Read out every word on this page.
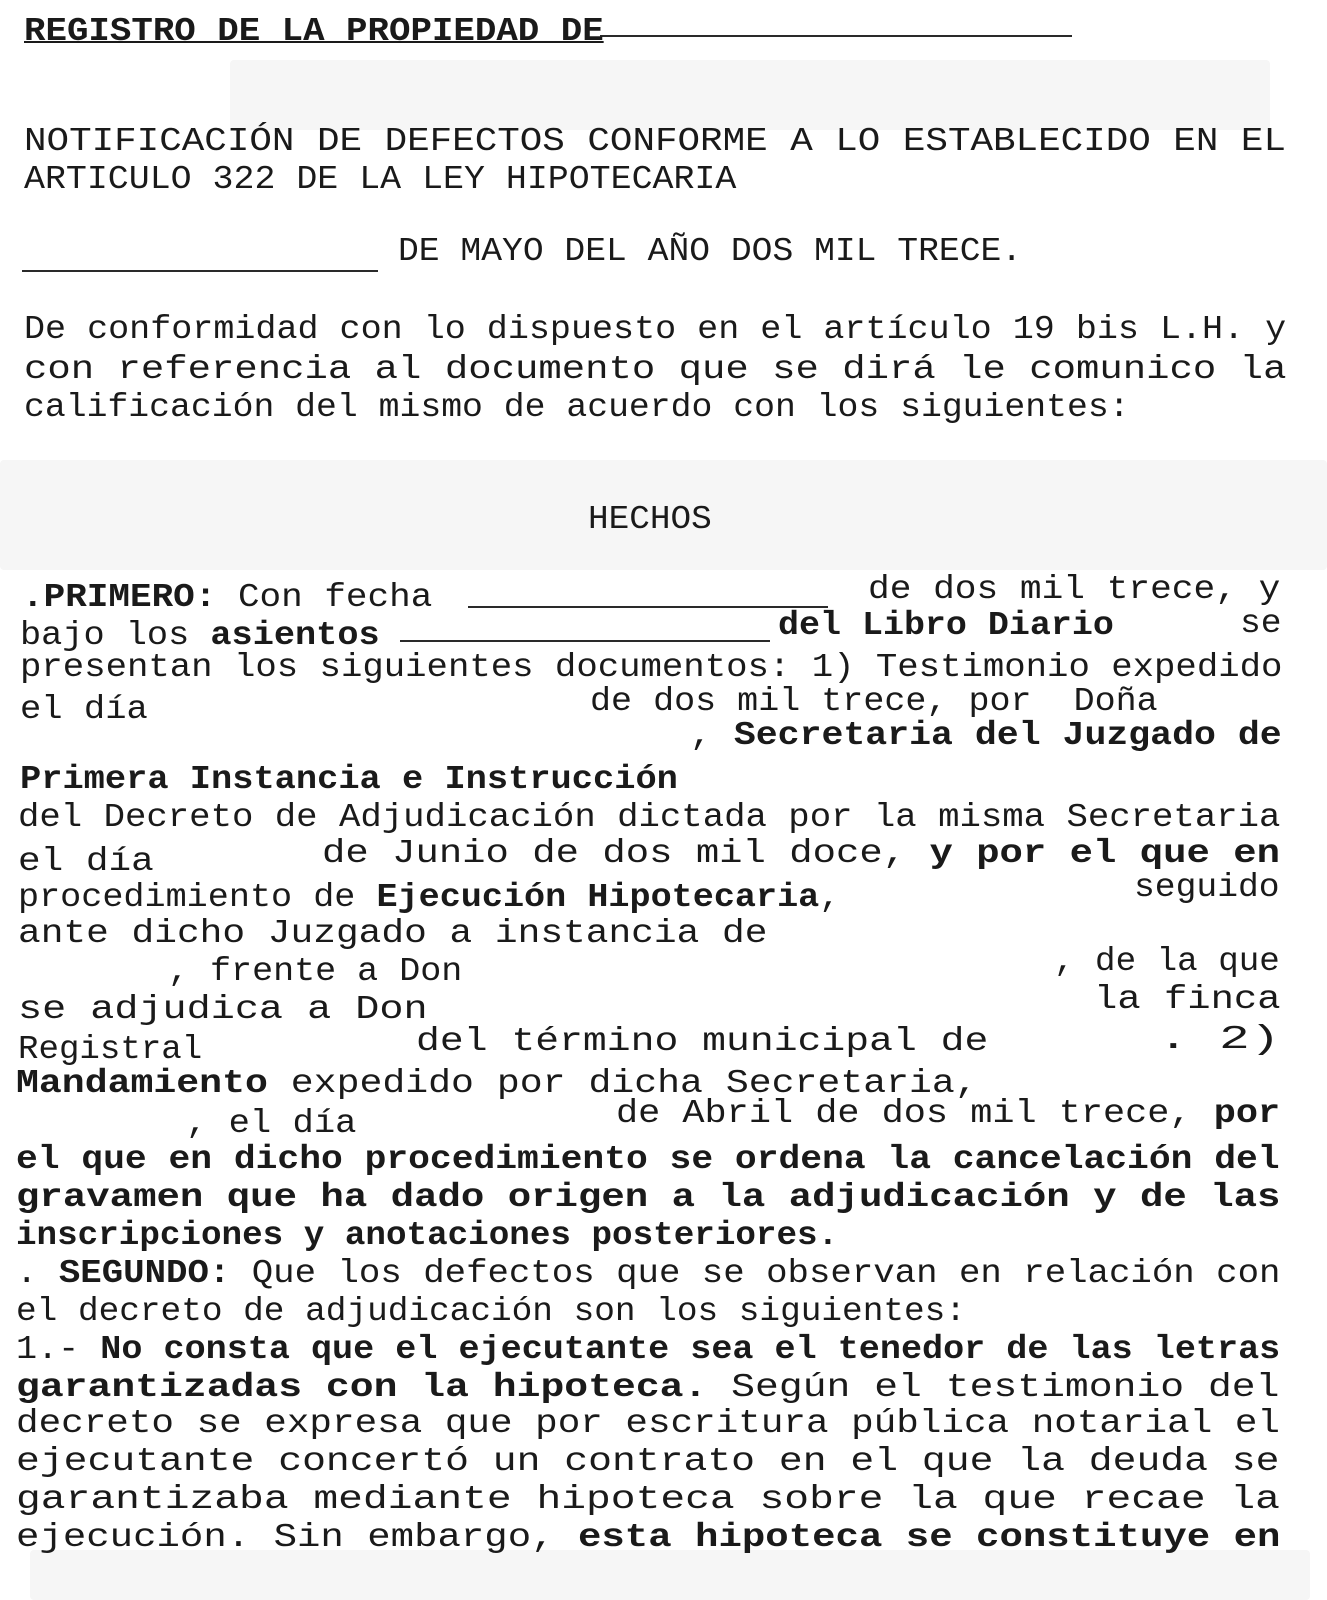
REGISTRO DE LA PROPIEDAD DE
NOTIFICACIÓN DE DEFECTOS CONFORME A LO ESTABLECIDO EN EL
ARTICULO 322 DE LA LEY HIPOTECARIA
DE MAYO DEL AÑO DOS MIL TRECE.
De conformidad con lo dispuesto en el artículo 19 bis L.H. y
con referencia al documento que se dirá le comunico la
calificación del mismo de acuerdo con los siguientes:
HECHOS
.PRIMERO: Con fecha	de dos mil trece, y
bajo los asientos	del Libro Diario	se
presentan los siguientes documentos: 1) Testimonio expedido
el día	de dos mil trece, por  Doña
, Secretaria del Juzgado de
Primera Instancia e Instrucción
del Decreto de Adjudicación dictada por la misma Secretaria
el día	de Junio de dos mil doce, y por el que en
procedimiento de Ejecución Hipotecaria,	seguido
ante dicho Juzgado a instancia de
, frente a Don	, de la que
se adjudica a Don	la finca
Registral	del término municipal de	. 2)
Mandamiento expedido por dicha Secretaria,
, el día	de Abril de dos mil trece, por
el que en dicho procedimiento se ordena la cancelación del
gravamen que ha dado origen a la adjudicación y de las
inscripciones y anotaciones posteriores.
. SEGUNDO: Que los defectos que se observan en relación con
el decreto de adjudicación son los siguientes:
1.- No consta que el ejecutante sea el tenedor de las letras
garantizadas con la hipoteca. Según el testimonio del
decreto se expresa que por escritura pública notarial el
ejecutante concertó un contrato en el que la deuda se
garantizaba mediante hipoteca sobre la que recae la
ejecución. Sin embargo, esta hipoteca se constituye en
